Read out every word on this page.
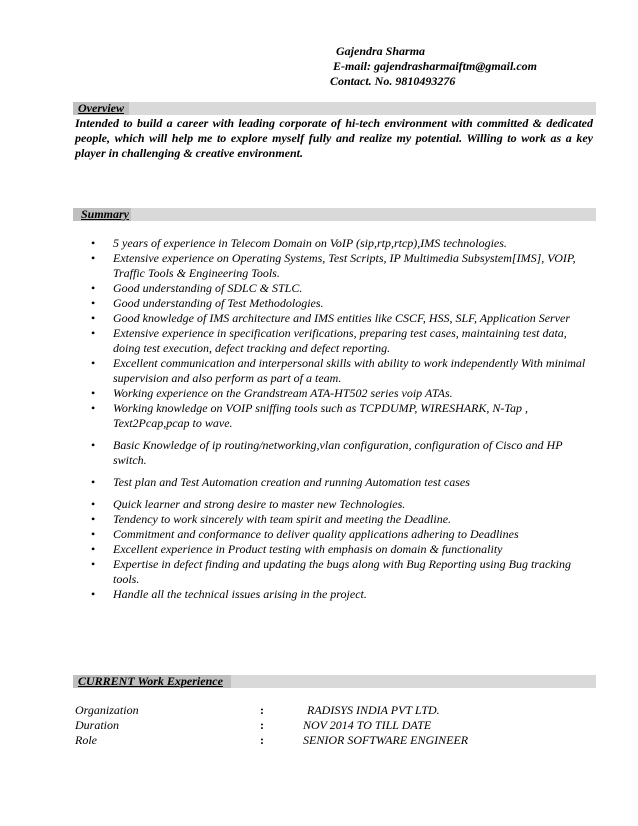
Gajendra Sharma
E-mail: gajendrasharmaiftm@gmail.com
Contact. No. 9810493276
Overview
Intended to build a career with leading corporate of hi-tech environment with committed & dedicated people, which will help me to explore myself fully and realize my potential. Willing to work as a key player in challenging & creative environment.
Summary
• 5 years of experience in Telecom Domain on VoIP (sip,rtp,rtcp),IMS technologies.
• Extensive experience on Operating Systems, Test Scripts, IP Multimedia Subsystem[IMS], VOIP, Traffic Tools & Engineering Tools.
• Good understanding of SDLC & STLC.
• Good understanding of Test Methodologies.
• Good knowledge of IMS architecture and IMS entities like CSCF, HSS, SLF, Application Server
• Extensive experience in specification verifications, preparing test cases, maintaining test data, doing test execution, defect tracking and defect reporting.
• Excellent communication and interpersonal skills with ability to work independently With minimal supervision and also perform as part of a team.
• Working experience on the Grandstream ATA-HT502 series voip ATAs.
• Working knowledge on VOIP sniffing tools such as TCPDUMP, WIRESHARK, N-Tap , Text2Pcap,pcap to wave.
• Basic Knowledge of ip routing/networking,vlan configuration, configuration of Cisco and HP switch.
• Test plan and Test Automation creation and running Automation test cases
• Quick learner and strong desire to master new Technologies.
• Tendency to work sincerely with team spirit and meeting the Deadline.
• Commitment and conformance to deliver quality applications adhering to Deadlines
• Excellent experience in Product testing with emphasis on domain & functionality
• Expertise in defect finding and updating the bugs along with Bug Reporting using Bug tracking tools.
• Handle all the technical issues arising in the project.
CURRENT Work Experience
Organization	:	RADISYS INDIA PVT LTD.
Duration	:	NOV 2014 TO TILL DATE
Role	:	SENIOR SOFTWARE ENGINEER
